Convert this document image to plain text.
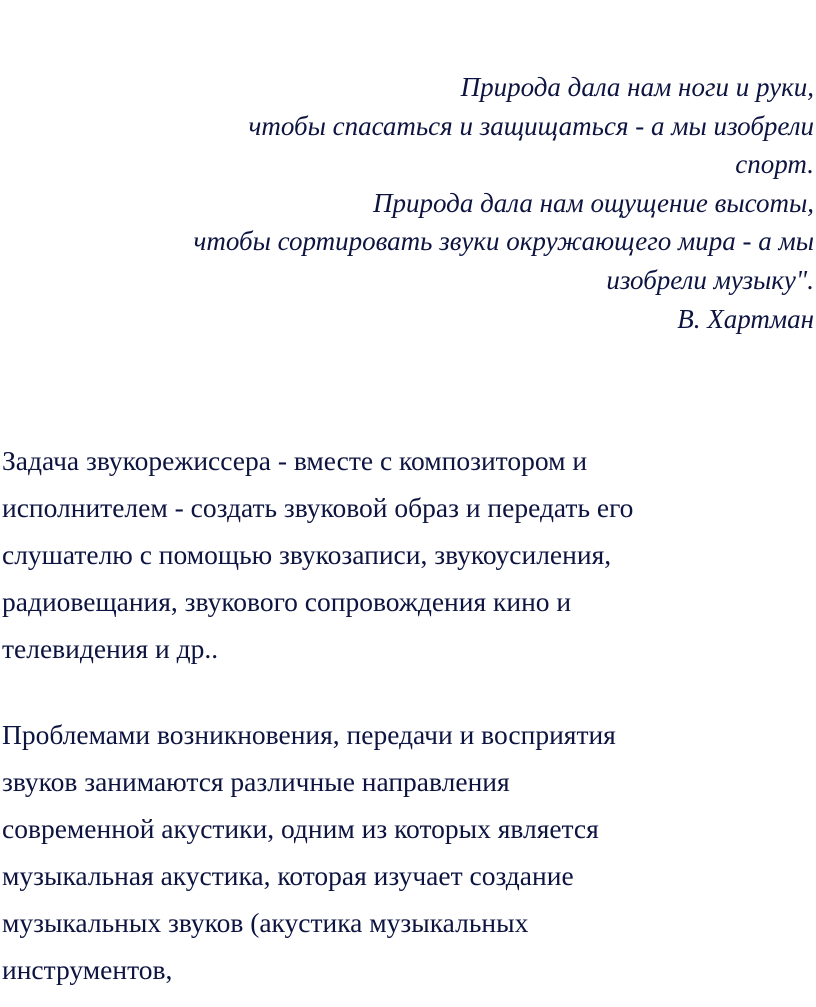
Природа дала нам ноги и руки,
чтобы спасаться и защищаться - а мы изобрели
спорт.
Природа дала нам ощущение высоты,
чтобы сортировать звуки окружающего мира - а мы
изобрели музыку".
В. Хартман
Задача звукорежиссера - вместе с композитором и
исполнителем - создать звуковой образ и передать его
слушателю с помощью звукозаписи, звукоусиления,
радиовещания, звукового сопровождения кино и
телевидения и др..
Проблемами возникновения, передачи и восприятия
звуков занимаются различные направления
современной акустики, одним из которых является
музыкальная акустика, которая изучает создание
музыкальных звуков (акустика музыкальных
инструментов,
